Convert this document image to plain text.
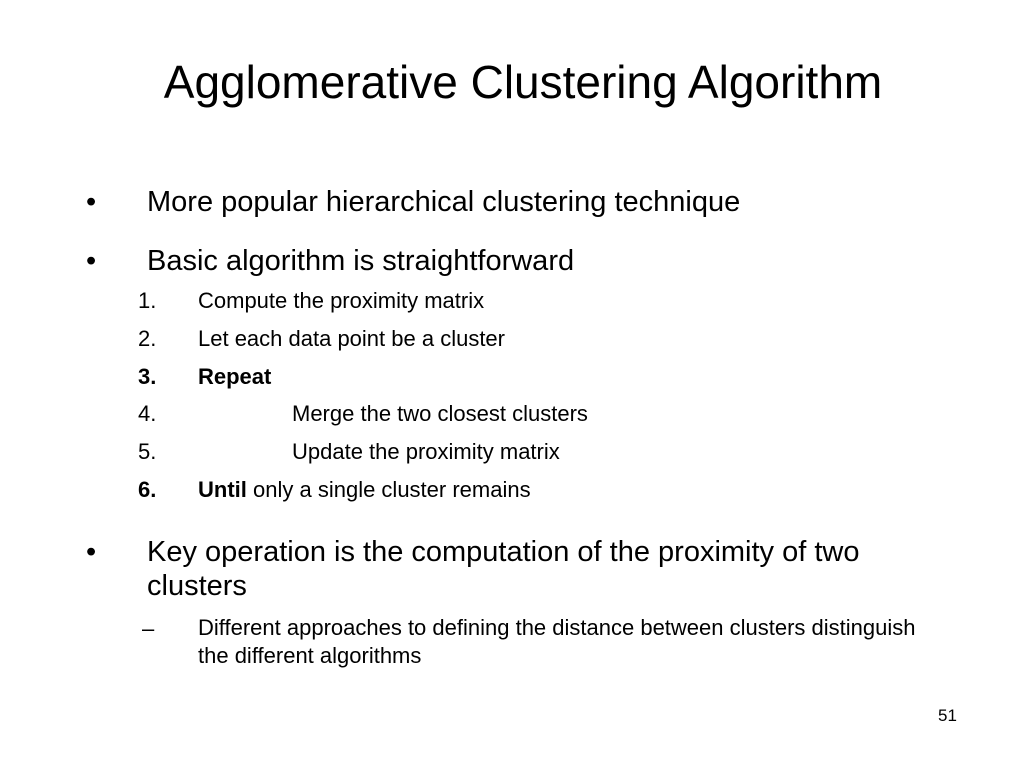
Agglomerative Clustering Algorithm
• More popular hierarchical clustering technique
• Basic algorithm is straightforward
1. Compute the proximity matrix
2. Let each data point be a cluster
3. Repeat
4.	Merge the two closest clusters
5.	Update the proximity matrix
6. Until only a single cluster remains
• Key operation is the computation of the proximity of two clusters
– Different approaches to defining the distance between clusters distinguish the different algorithms
51
